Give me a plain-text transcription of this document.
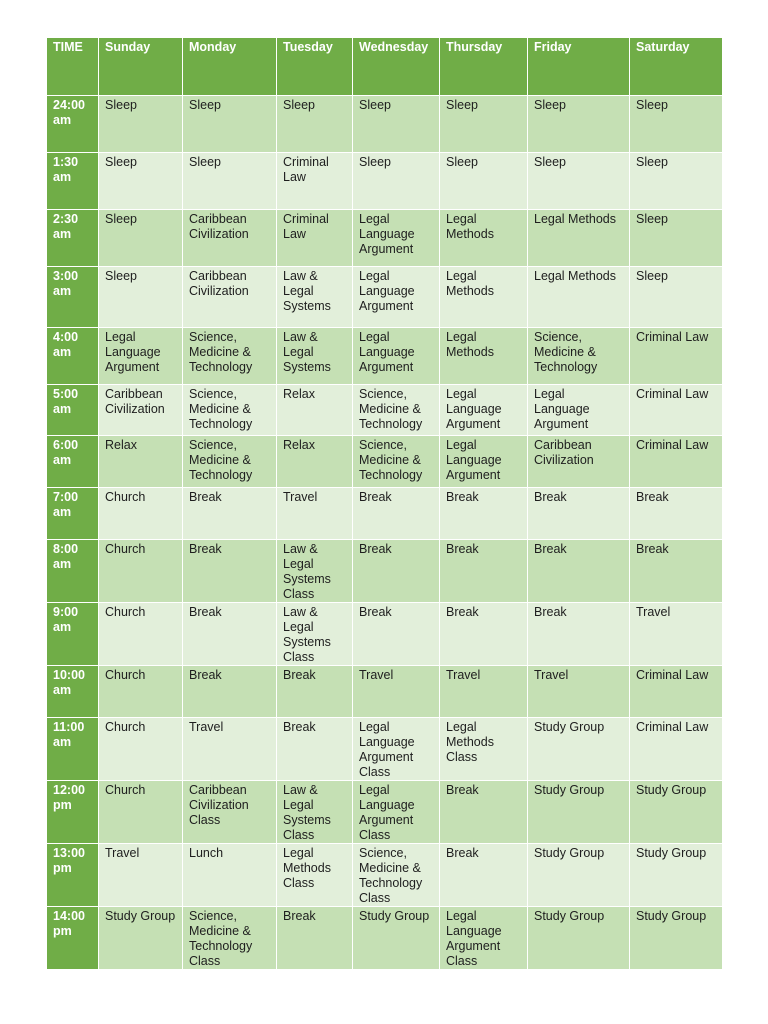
TIME	Sunday	Monday	Tuesday	Wednesday	Thursday	Friday	Saturday
24:00 am	Sleep	Sleep	Sleep	Sleep	Sleep	Sleep	Sleep
1:30 am	Sleep	Sleep	Criminal Law	Sleep	Sleep	Sleep	Sleep
2:30 am	Sleep	Caribbean Civilization	Criminal Law	Legal Language Argument	Legal Methods	Legal Methods	Sleep
3:00 am	Sleep	Caribbean Civilization	Law & Legal Systems	Legal Language Argument	Legal Methods	Legal Methods	Sleep
4:00 am	Legal Language Argument	Science, Medicine & Technology	Law & Legal Systems	Legal Language Argument	Legal Methods	Science, Medicine & Technology	Criminal Law
5:00 am	Caribbean Civilization	Science, Medicine & Technology	Relax	Science, Medicine & Technology	Legal Language Argument	Legal Language Argument	Criminal Law
6:00 am	Relax	Science, Medicine & Technology	Relax	Science, Medicine & Technology	Legal Language Argument	Caribbean Civilization	Criminal Law
7:00 am	Church	Break	Travel	Break	Break	Break	Break
8:00 am	Church	Break	Law & Legal Systems Class	Break	Break	Break	Break
9:00 am	Church	Break	Law & Legal Systems Class	Break	Break	Break	Travel
10:00 am	Church	Break	Break	Travel	Travel	Travel	Criminal Law
11:00 am	Church	Travel	Break	Legal Language Argument Class	Legal Methods Class	Study Group	Criminal Law
12:00 pm	Church	Caribbean Civilization Class	Law & Legal Systems Class	Legal Language Argument Class	Break	Study Group	Study Group
13:00 pm	Travel	Lunch	Legal Methods Class	Science, Medicine & Technology Class	Break	Study Group	Study Group
14:00 pm	Study Group	Science, Medicine & Technology Class	Break	Study Group	Legal Language Argument Class	Study Group	Study Group
